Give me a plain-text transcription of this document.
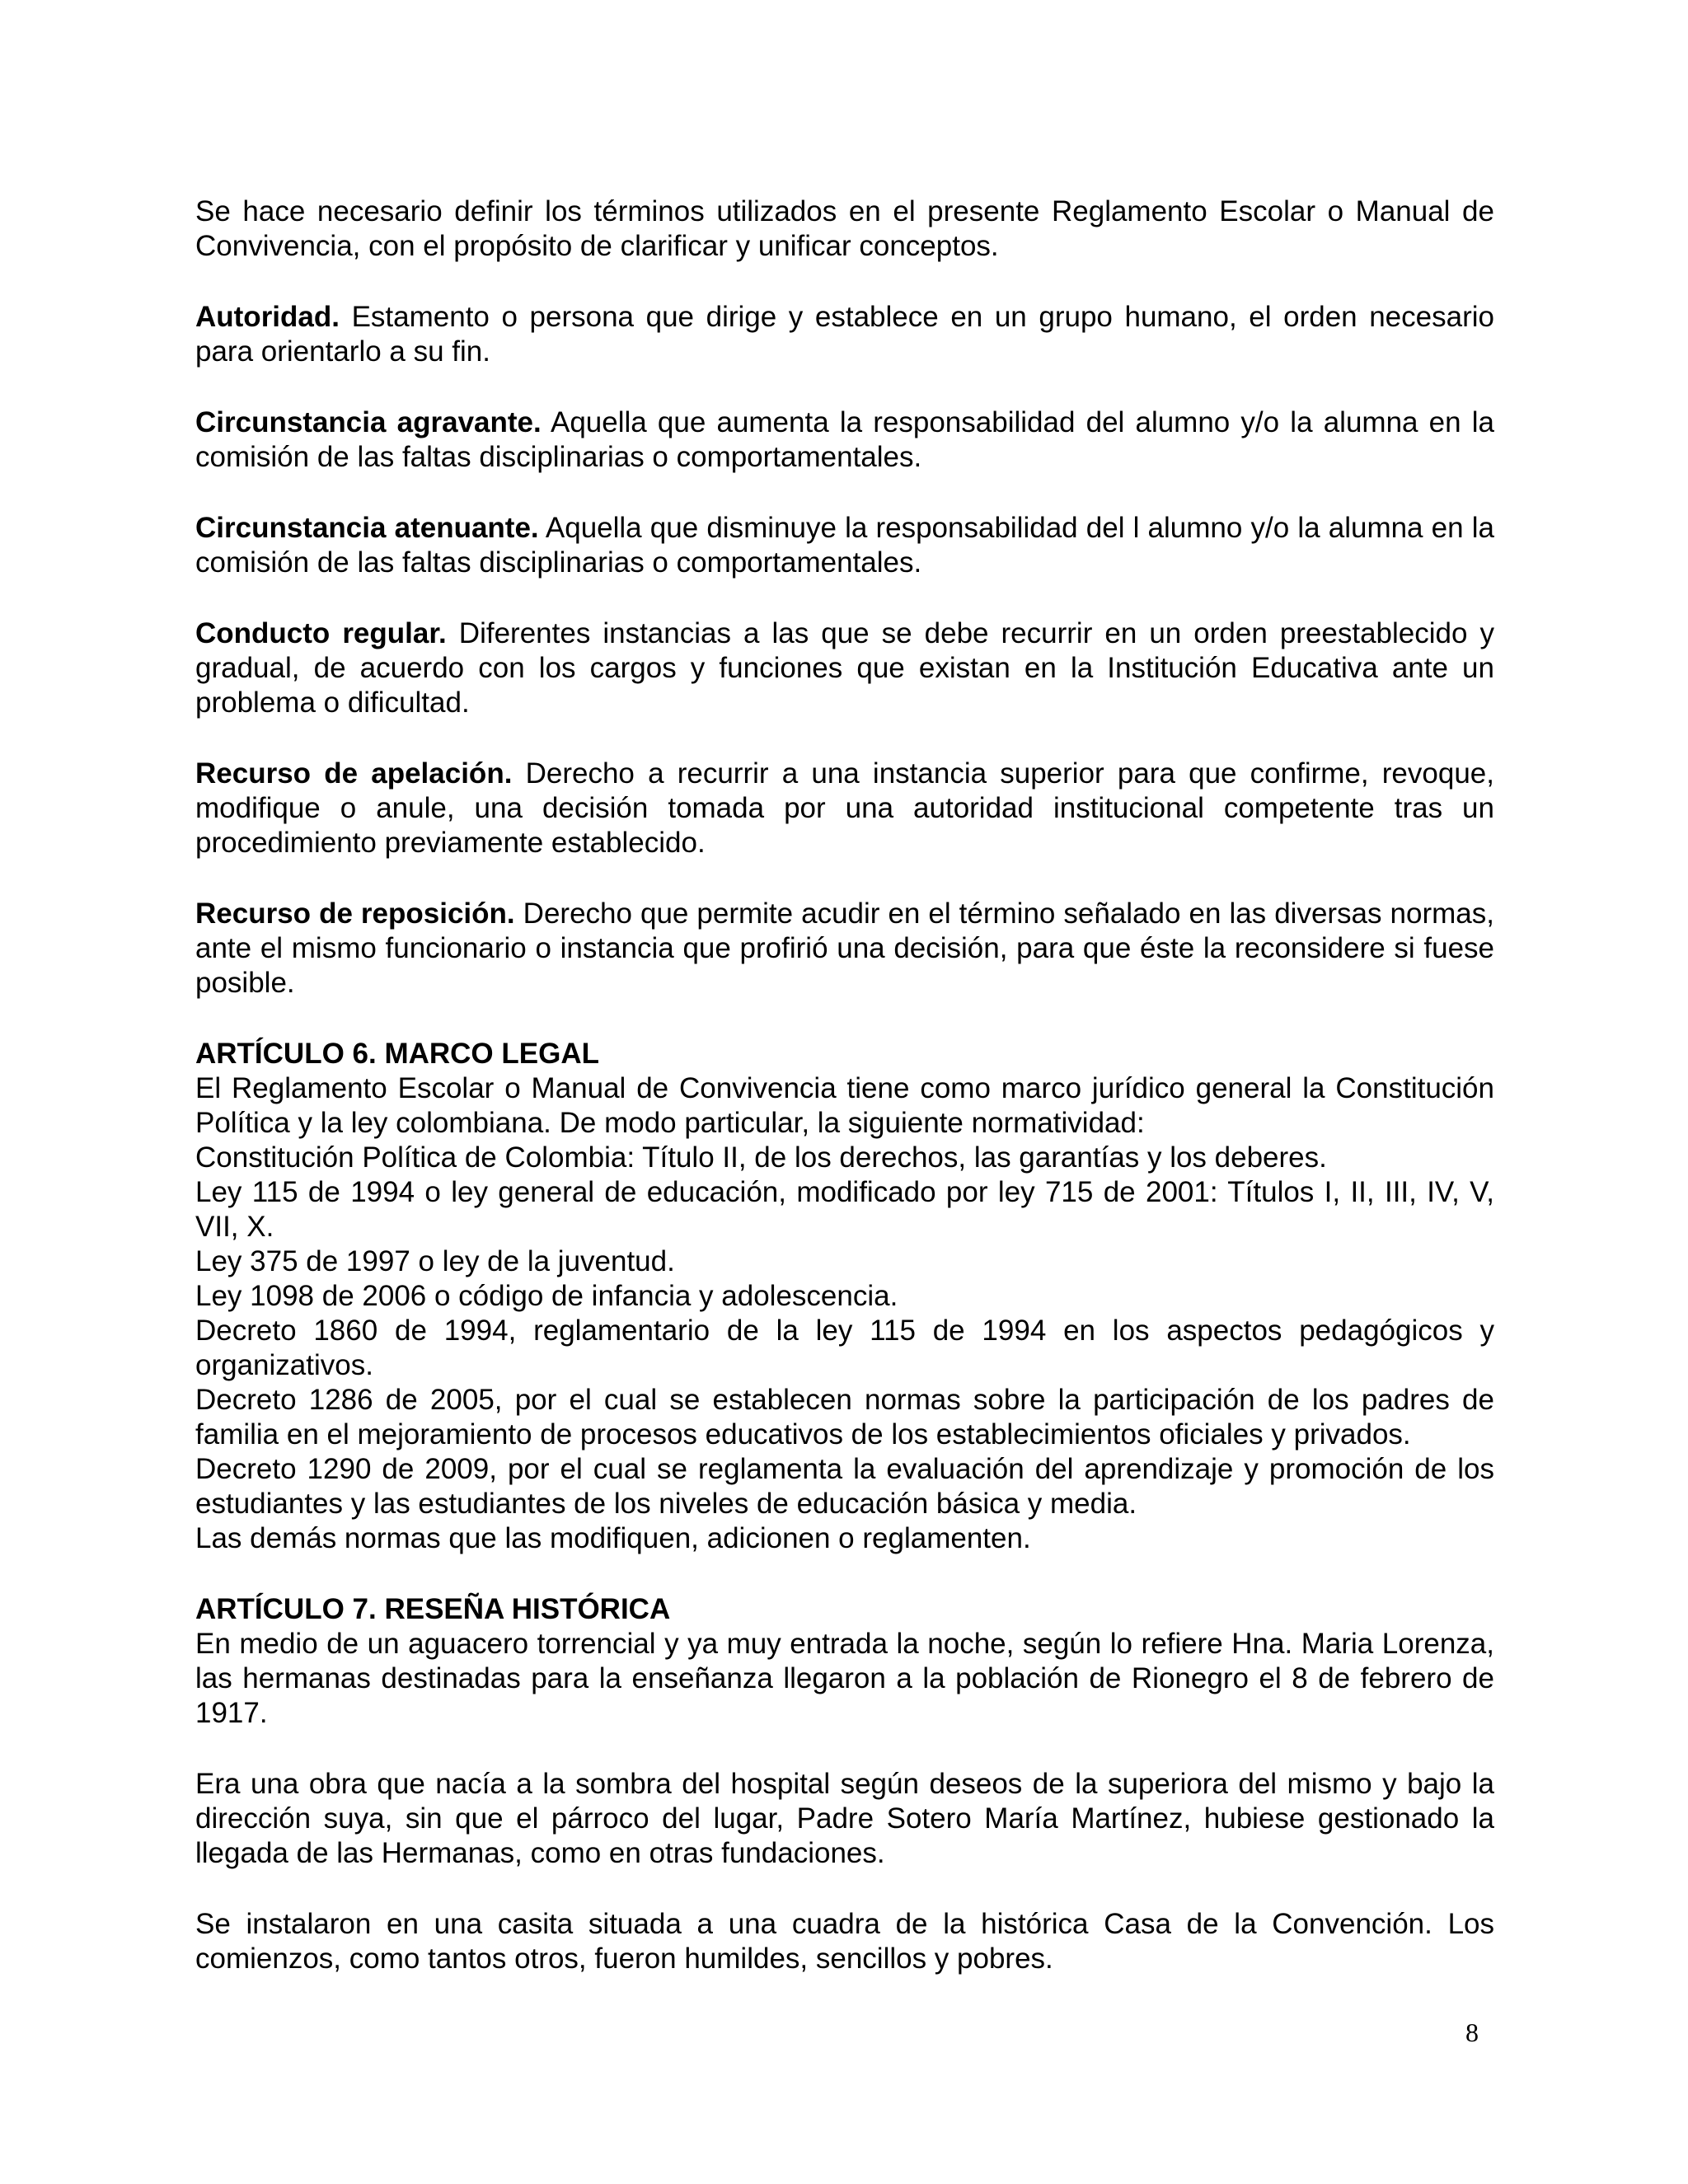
Se hace necesario definir los términos utilizados en el presente Reglamento Escolar o Manual de Convivencia, con el propósito de clarificar y unificar conceptos.

Autoridad. Estamento o persona que dirige y establece en un grupo humano, el orden necesario para orientarlo a su fin.

Circunstancia agravante. Aquella que aumenta la responsabilidad del alumno y/o la alumna en la comisión de las faltas disciplinarias o comportamentales.

Circunstancia atenuante. Aquella que disminuye la responsabilidad del l alumno y/o la alumna en la comisión de las faltas disciplinarias o comportamentales.

Conducto regular. Diferentes instancias a las que se debe recurrir en un orden preestablecido y gradual, de acuerdo con los cargos y funciones que existan en la Institución Educativa ante un problema o dificultad.

Recurso de apelación. Derecho a recurrir a una instancia superior para que confirme, revoque, modifique o anule, una decisión tomada por una autoridad institucional competente tras un procedimiento previamente establecido.

Recurso de reposición. Derecho que permite acudir en el término señalado en las diversas normas, ante el mismo funcionario o instancia que profirió una decisión, para que éste la reconsidere si fuese posible.

ARTÍCULO 6. MARCO LEGAL

El Reglamento Escolar o Manual de Convivencia tiene como marco jurídico general la Constitución Política y la ley colombiana. De modo particular, la siguiente normatividad:

Constitución Política de Colombia: Título II, de los derechos, las garantías y los deberes.
Ley 115 de 1994 o ley general de educación, modificado por ley 715 de 2001: Títulos I, II, III, IV, V, VII, X.
Ley 375 de 1997 o ley de la juventud.
Ley 1098 de 2006 o código de infancia y adolescencia.
Decreto 1860 de 1994, reglamentario de la ley 115 de 1994 en los aspectos pedagógicos y organizativos.
Decreto 1286 de 2005, por el cual se establecen normas sobre la participación de los padres de familia en el mejoramiento de procesos educativos de los establecimientos oficiales y privados.
Decreto 1290 de 2009, por el cual se reglamenta la evaluación del aprendizaje y promoción de los estudiantes y las estudiantes de los niveles de educación básica y media.
Las demás normas que las modifiquen, adicionen o reglamenten.
ARTÍCULO 7. RESEÑA HISTÓRICA

En medio de un aguacero torrencial y ya muy entrada la noche, según lo refiere Hna. Maria Lorenza, las hermanas destinadas para la enseñanza llegaron a la población de Rionegro el 8 de febrero de 1917.

Era una obra que nacía a la sombra del hospital según deseos de la superiora del mismo y bajo la dirección suya, sin que el párroco del lugar, Padre Sotero María Martínez, hubiese gestionado la llegada de las Hermanas, como en otras fundaciones.

Se instalaron en una casita situada a una cuadra de la histórica Casa de la Convención. Los comienzos, como tantos otros, fueron humildes, sencillos y pobres.

8
